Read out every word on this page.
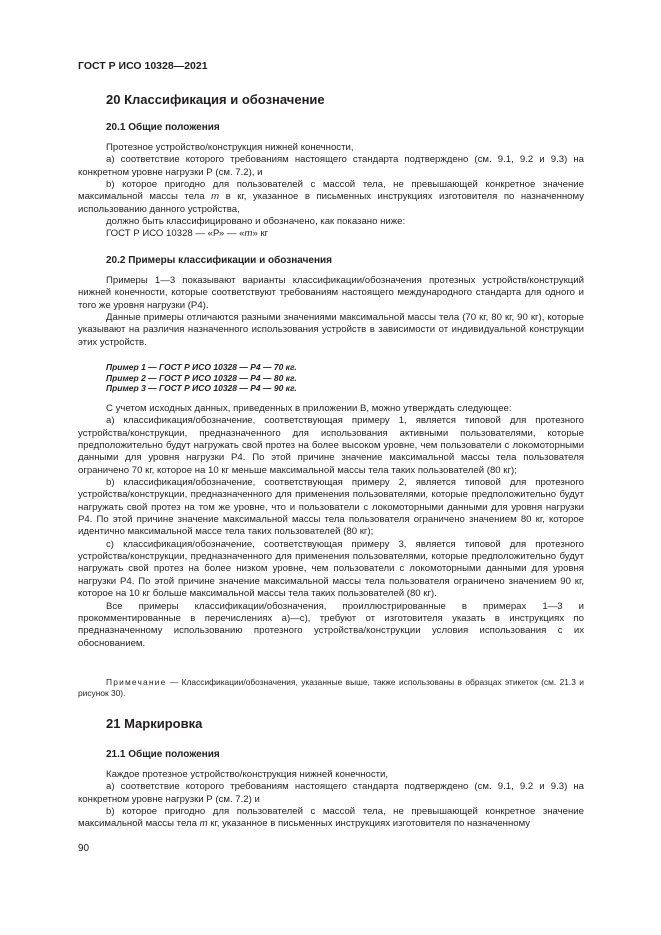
ГОСТ Р ИСО 10328—2021
20 Классификация и обозначение
20.1 Общие положения

Протезное устройство/конструкция нижней конечности,

a) соответствие которого требованиям настоящего стандарта подтверждено (см. 9.1, 9.2 и 9.3) на конкретном уровне нагрузки Р (см. 7.2), и

b) которое пригодно для пользователей с массой тела, не превышающей конкретное значение максимальной массы тела m в кг, указанное в письменных инструкциях изготовителя по назначенному использованию данного устройства,

должно быть классифицировано и обозначено, как показано ниже:

ГОСТ Р ИСО 10328 — «Р» — «m» кг

20.2 Примеры классификации и обозначения

Примеры 1—3 показывают варианты классификации/обозначения протезных устройств/конструкций нижней конечности, которые соответствуют требованиям настоящего международного стандарта для одного и того же уровня нагрузки (Р4).

Данные примеры отличаются разными значениями максимальной массы тела (70 кг, 80 кг, 90 кг), которые указывают на различия назначенного использования устройств в зависимости от индивидуальной конструкции этих устройств.

Пример 1 — ГОСТ Р ИСО 10328 — Р4 — 70 кг.

Пример 2 — ГОСТ Р ИСО 10328 — Р4 — 80 кг.

Пример 3 — ГОСТ Р ИСО 10328 — Р4 — 90 кг.

С учетом исходных данных, приведенных в приложении В, можно утверждать следующее:

a) классификация/обозначение, соответствующая примеру 1, является типовой для протезного устройства/конструкции, предназначенного для использования активными пользователями, которые предположительно будут нагружать свой протез на более высоком уровне, чем пользователи с локомоторными данными для уровня нагрузки Р4. По этой причине значение максимальной массы тела пользователя ограничено 70 кг, которое на 10 кг меньше максимальной массы тела таких пользователей (80 кг);

b) классификация/обозначение, соответствующая примеру 2, является типовой для протезного устройства/конструкции, предназначенного для применения пользователями, которые предположительно будут нагружать свой протез на том же уровне, что и пользователи с локомоторными данными для уровня нагрузки Р4. По этой причине значение максимальной массы тела пользователя ограничено значением 80 кг, которое идентично максимальной массе тела таких пользователей (80 кг);

c) классификация/обозначение, соответствующая примеру 3, является типовой для протезного устройства/конструкции, предназначенного для применения пользователями, которые предположительно будут нагружать свой протез на более низком уровне, чем пользователи с локомоторными данными для уровня нагрузки Р4. По этой причине значение максимальной массы тела пользователя ограничено значением 90 кг, которое на 10 кг больше максимальной массы тела таких пользователей (80 кг).

Все примеры классификации/обозначения, проиллюстрированные в примерах 1—3 и прокомментированные в перечислениях а)—с), требуют от изготовителя указать в инструкциях по предназначенному использованию протезного устройства/конструкции условия использования с их обоснованием.

Примечание — Классификации/обозначения, указанные выше, также использованы в образцах этикеток (см. 21.3 и рисунок 30).
21 Маркировка
21.1 Общие положения

Каждое протезное устройство/конструкция нижней конечности,

a) соответствие которого требованиям настоящего стандарта подтверждено (см. 9.1, 9.2 и 9.3) на конкретном уровне нагрузки Р (см. 7.2) и

b) которое пригодно для пользователей с массой тела, не превышающей конкретное значение максимальной массы тела m кг, указанное в письменных инструкциях изготовителя по назначенному

90
